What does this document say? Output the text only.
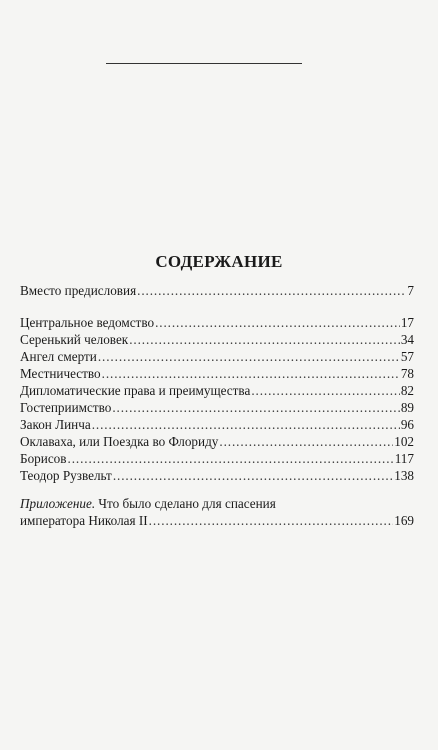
СОДЕРЖАНИЕ
Вместо предисловия . . .	7
Центральное ведомство . . .	17
Серенький человек . . .	34
Ангел смерти . . .	57
Местничество . . .	78
Дипломатические права и преимущества . . .	82
Гостеприимство . . .	89
Закон Линча . . .	96
Оклаваха, или Поездка во Флориду . . .	102
Борисов . . .	117
Теодор Рузвельт . . .	138
Приложение. Что было сделано для спасения
императора Николая II . . .	169
